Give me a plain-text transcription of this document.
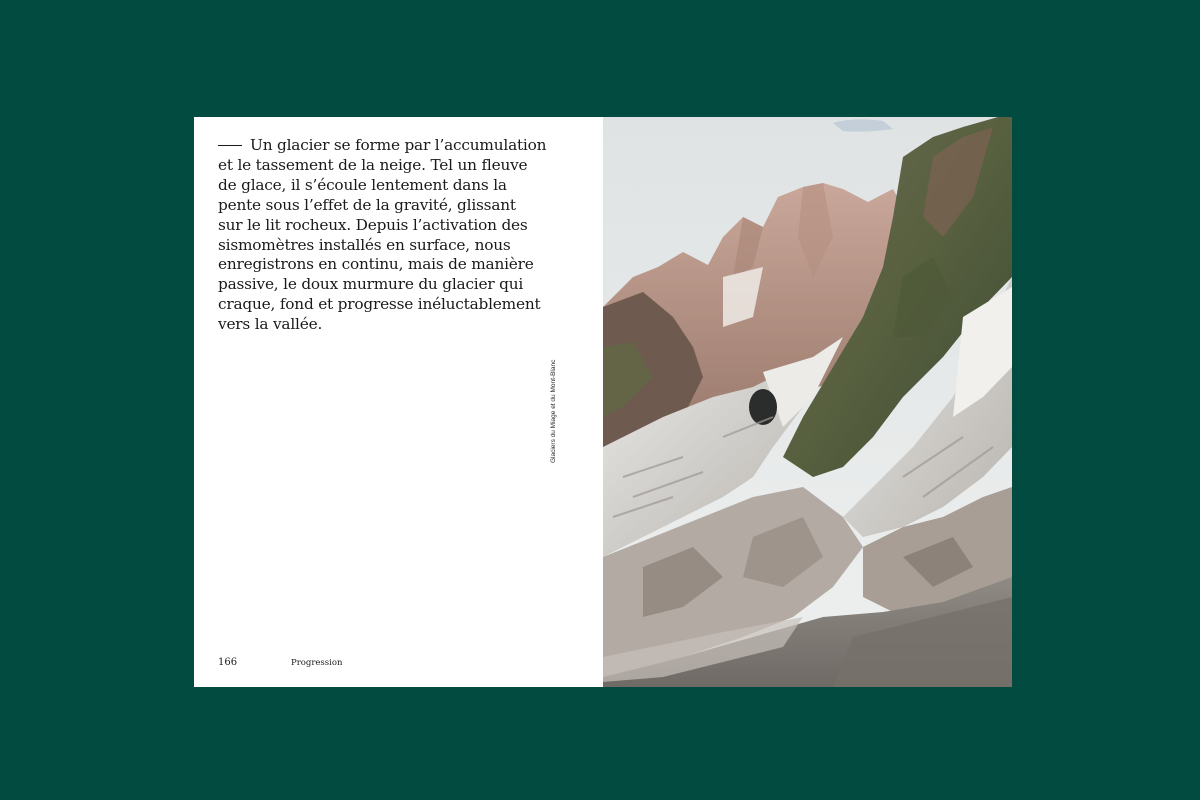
Un glacier se forme par l’accumulation
et le tassement de la neige. Tel un fleuve
de glace, il s’écoule lentement dans la
pente sous l’effet de la gravité, glissant
sur le lit rocheux. Depuis l’activation des
sismomètres installés en surface, nous
enregistrons en continu, mais de manière
passive, le doux murmure du glacier qui
craque, fond et progresse inéluctablement
vers la vallée.

Glaciers du Miage et du Mont-Blanc
166	Progression
